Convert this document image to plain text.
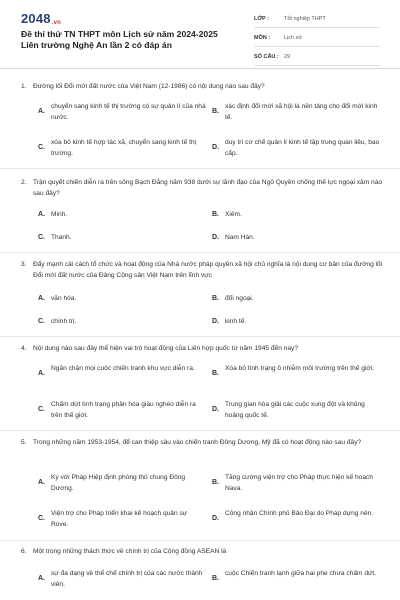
2048.vn
Đề thi thử TN THPT môn Lịch sử năm 2024-2025 Liên trường Nghệ An lần 2 có đáp án
LỚP :	Tốt nghiệp THPT
MÔN :	Lịch sử
SỐ CÂU : 29
1. Đường lối Đổi mới đất nước của Việt Nam (12-1986) có nội dung nào sau đây?
A.
chuyển sang kinh tế thị trường có sự quản lí của nhà nước.
B.
xác định đổi mới xã hội là nền tảng cho đổi mới kinh tế.
C.
xóa bỏ kinh tế hợp tác xã, chuyển sang kinh tế thị trường.
D.
duy trì cơ chế quản lí kinh tế tập trung quan liêu, bao cấp.
2. Trận quyết chiến diễn ra trên sông Bạch Đằng năm 938 dưới sự lãnh đạo của Ngô Quyền chống thế lực ngoại xâm nào sau đây?
A. Minh.	B. Xiêm.
C. Thanh.	D. Nam Hán.
3. Đẩy mạnh cải cách tổ chức và hoạt động của Nhà nước pháp quyền xã hội chủ nghĩa là nội dung cơ bản của đường lối Đổi mới đất nước của Đảng Cộng sản Việt Nam trên lĩnh vực
A. văn hóa.	B. đối ngoại.
C. chính trị.	D. kinh tế.
4. Nội dung nào sau đây thể hiện vai trò hoạt động của Liên hợp quốc từ năm 1945 đến nay?
A.
Ngăn chặn mọi cuộc chiến tranh khu vực diễn ra.
B.
Xóa bỏ tình trạng ô nhiễm môi trường trên thế giới.
C.
Chấm dứt tình trạng phân hóa giàu nghèo diễn ra trên thế giới.
D.
Trung gian hòa giải các cuộc xung đột và khủng hoảng quốc tế.
5. Trong những năm 1953-1954, để can thiệp sâu vào chiến tranh Đông Dương, Mỹ đã có hoạt động nào sau đây?
A.
Ký với Pháp Hiệp định phòng thủ chung Đông Dương.
B.
Tăng cường viện trợ cho Pháp thực hiện kế hoạch Nava.
C.
Viện trợ cho Pháp triển khai kế hoạch quân sự Rove.
D.
Công nhận Chính phủ Bảo Đại do Pháp dựng nên.
6. Một trong những thách thức về chính trị của Cộng đồng ASEAN là
A.
sự đa dạng về thể chế chính trị của các nước thành viên.
B.
cuộc Chiến tranh lạnh giữa hai phe chưa chấm dứt.
